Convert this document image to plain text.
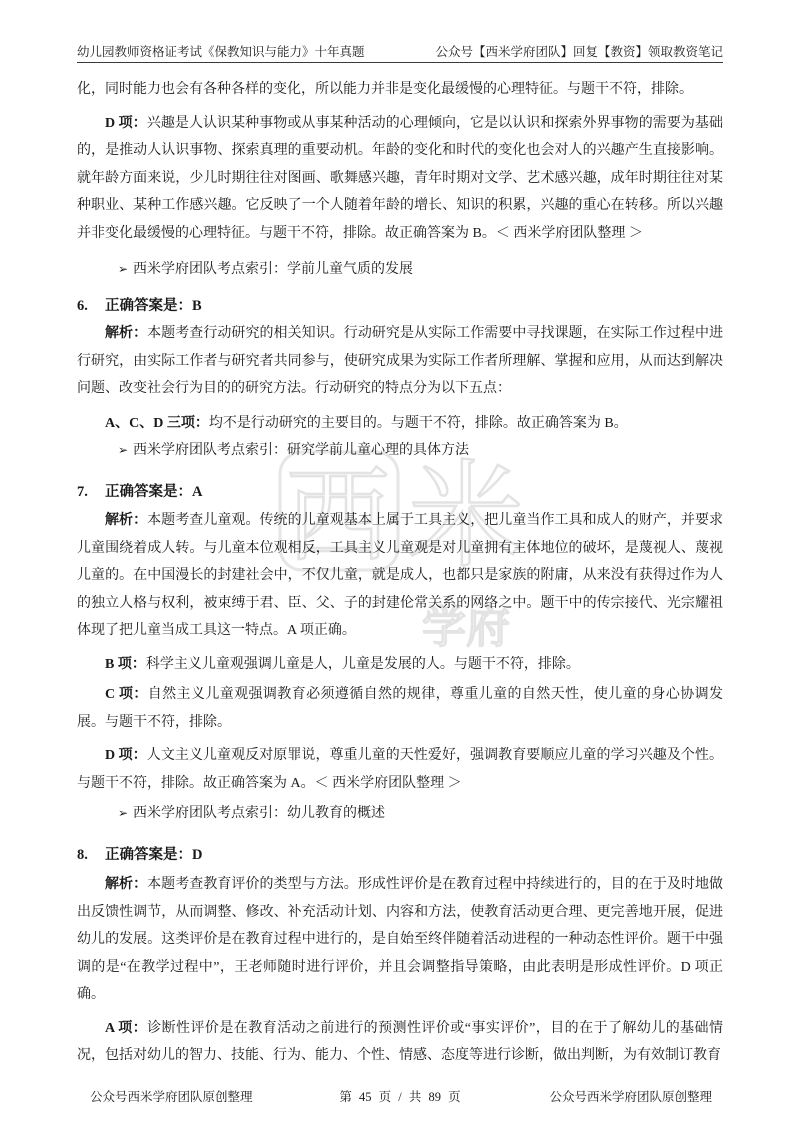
幼儿园教师资格证考试《保教知识与能力》十年真题	公众号【西米学府团队】回复【教资】领取教资笔记
西 米
学府

化，同时能力也会有各种各样的变化，所以能力并非是变化最缓慢的心理特征。与题干不符，排除。

D 项：兴趣是人认识某种事物或从事某种活动的心理倾向，它是以认识和探索外界事物的需要为基础的，是推动人认识事物、探索真理的重要动机。年龄的变化和时代的变化也会对人的兴趣产生直接影响。就年龄方面来说，少儿时期往往对图画、歌舞感兴趣，青年时期对文学、艺术感兴趣，成年时期往往对某种职业、某种工作感兴趣。它反映了一个人随着年龄的增长、知识的积累，兴趣的重心在转移。所以兴趣并非变化最缓慢的心理特征。与题干不符，排除。故正确答案为 B。＜ 西米学府团队整理 ＞

➢ 西米学府团队考点索引：学前儿童气质的发展
6. 正确答案是：B

解析：本题考查行动研究的相关知识。行动研究是从实际工作需要中寻找课题，在实际工作过程中进行研究，由实际工作者与研究者共同参与，使研究成果为实际工作者所理解、掌握和应用，从而达到解决问题、改变社会行为目的的研究方法。行动研究的特点分为以下五点：

A、C、D 三项：均不是行动研究的主要目的。与题干不符，排除。故正确答案为 B。

➢ 西米学府团队考点索引：研究学前儿童心理的具体方法
7. 正确答案是：A

解析：本题考查儿童观。传统的儿童观基本上属于工具主义，把儿童当作工具和成人的财产，并要求儿童围绕着成人转。与儿童本位观相反，工具主义儿童观是对儿童拥有主体地位的破坏，是蔑视人、蔑视儿童的。在中国漫长的封建社会中，不仅儿童，就是成人，也都只是家族的附庸，从来没有获得过作为人的独立人格与权利，被束缚于君、臣、父、子的封建伦常关系的网络之中。题干中的传宗接代、光宗耀祖体现了把儿童当成工具这一特点。A 项正确。

B 项：科学主义儿童观强调儿童是人，儿童是发展的人。与题干不符，排除。

C 项：自然主义儿童观强调教育必须遵循自然的规律，尊重儿童的自然天性，使儿童的身心协调发展。与题干不符，排除。

D 项：人文主义儿童观反对原罪说，尊重儿童的天性爱好，强调教育要顺应儿童的学习兴趣及个性。与题干不符，排除。故正确答案为 A。＜ 西米学府团队整理 ＞

➢ 西米学府团队考点索引：幼儿教育的概述
8. 正确答案是：D

解析：本题考查教育评价的类型与方法。形成性评价是在教育过程中持续进行的，目的在于及时地做出反馈性调节，从而调整、修改、补充活动计划、内容和方法，使教育活动更合理、更完善地开展，促进幼儿的发展。这类评价是在教育过程中进行的，是自始至终伴随着活动进程的一种动态性评价。题干中强调的是“在教学过程中”，王老师随时进行评价，并且会调整指导策略，由此表明是形成性评价。D 项正确。

A 项：诊断性评价是在教育活动之前进行的预测性评价或“事实评价”，目的在于了解幼儿的基础情况，包括对幼儿的智力、技能、行为、能力、个性、情感、态度等进行诊断，做出判断，为有效制订教育

公众号西米学府团队原创整理	第 45 页 / 共 89 页	公众号西米学府团队原创整理
